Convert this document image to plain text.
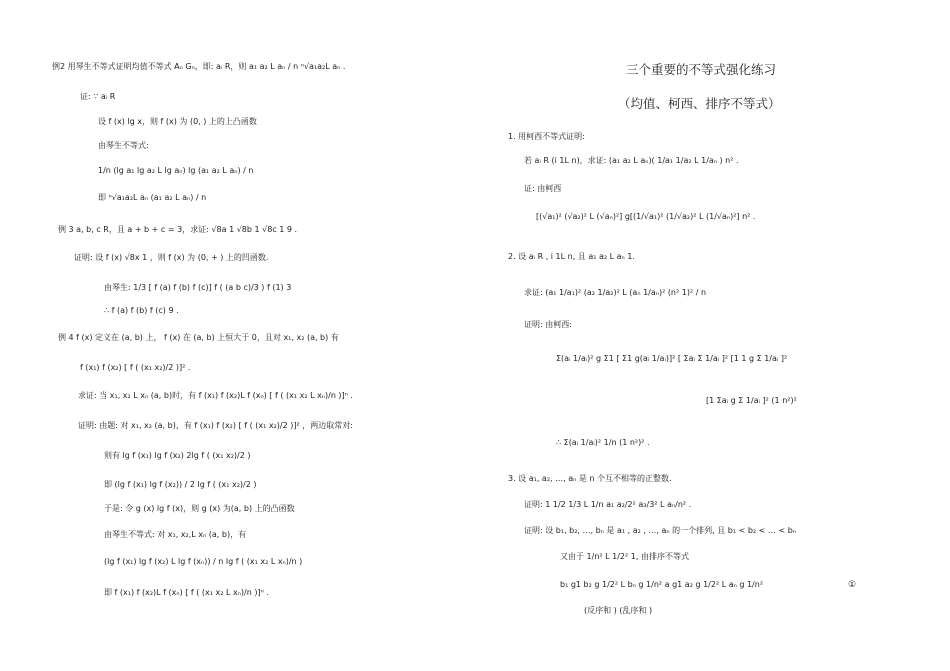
例2 用琴生不等式证明均值不等式 Aₙ Gₙ，即: aᵢ R，则 a₁ a₂ L aₙ / n ⁿ√a₁a₂L aₙ .
证: ∵ aᵢ R
设 f (x) lg x，则 f (x) 为 (0, ) 上的上凸函数
由琴生不等式:
1/n (lg a₁ lg a₂ L lg aₙ) lg (a₁ a₂ L aₙ) / n
即 ⁿ√a₁a₂L aₙ (a₁ a₂ L aₙ) / n
例 3 a, b, c R，且 a + b + c = 3，求证: √8a 1 √8b 1 √8c 1 9 .
证明: 设 f (x) √8x 1 ，则 f (x) 为 (0, + ) 上的凹函数.
由琴生: 1/3 [ f (a) f (b) f (c)] f ( (a b c)/3 ) f (1) 3
∴ f (a) f (b) f (c) 9 .
例 4 f (x) 定义在 (a, b) 上， f (x) 在 (a, b) 上恒大于 0，且对 x₁, x₂ (a, b) 有
f (x₁) f (x₂) [ f ( (x₁ x₂)/2 )]² .
求证: 当 x₁, x₂ L xₙ (a, b)时，有 f (x₁) f (x₂)L f (xₙ) [ f ( (x₁ x₂ L xₙ)/n )]ⁿ .
证明: 由题: 对 x₁, x₂ (a, b)，有 f (x₁) f (x₂) [ f ( (x₁ x₂)/2 )]² ，两边取常对:
则有 lg f (x₁) lg f (x₂) 2lg f ( (x₁ x₂)/2 )
即 (lg f (x₁) lg f (x₂)) / 2 lg f ( (x₁ x₂)/2 )
于是: 令 g (x) lg f (x)，则 g (x) 为(a, b) 上的凸函数
由琴生不等式: 对 x₁, x₂,L xₙ (a, b)，有
(lg f (x₁) lg f (x₂) L lg f (xₙ)) / n lg f ( (x₁ x₂ L xₙ)/n )
即 f (x₁) f (x₂)L f (xₙ) [ f ( (x₁ x₂ L xₙ)/n )]ⁿ .
三个重要的不等式强化练习
（均值、柯西、排序不等式）
1. 用柯西不等式证明:
若 aᵢ R (i 1L n)，求证: (a₁ a₂ L aₙ)( 1/a₁ 1/a₂ L 1/aₙ ) n² .
证: 由柯西
[(√a₁)² (√a₂)² L (√aₙ)²] g[(1/√a₁)² (1/√a₂)² L (1/√aₙ)²] n² .
2. 设 aᵢ R , i 1L n, 且 a₁ a₂ L aₙ 1.
求证: (a₁ 1/a₁)² (a₂ 1/a₂)² L (aₙ 1/aₙ)² (n² 1)² / n
证明: 由柯西:
Σ(aᵢ 1/aᵢ)² g Σ1 [ Σ1 g(aᵢ 1/aᵢ)]² [ Σaᵢ Σ 1/aᵢ ]² [1 1 g Σ 1/aᵢ ]²
[1 Σaᵢ g Σ 1/aᵢ ]² (1 n²)²
∴ Σ(aᵢ 1/aᵢ)² 1/n (1 n²)² .
3. 设 a₁, a₂, …, aₙ 是 n 个互不相等的正整数.
证明: 1 1/2 1/3 L 1/n a₁ a₂/2² a₃/3² L aₙ/n² .
证明: 设 b₁, b₂, …, bₙ 是 a₁ , a₂ , …, aₙ 的一个排列, 且 b₁ < b₂ < … < bₙ
又由于 1/n² L 1/2² 1, 由排序不等式
b₁ g1 b₂ g 1/2² L bₙ g 1/n² a g1 a₂ g 1/2² L aₙ g 1/n²
(反序和 ) (乱序和 )
①
